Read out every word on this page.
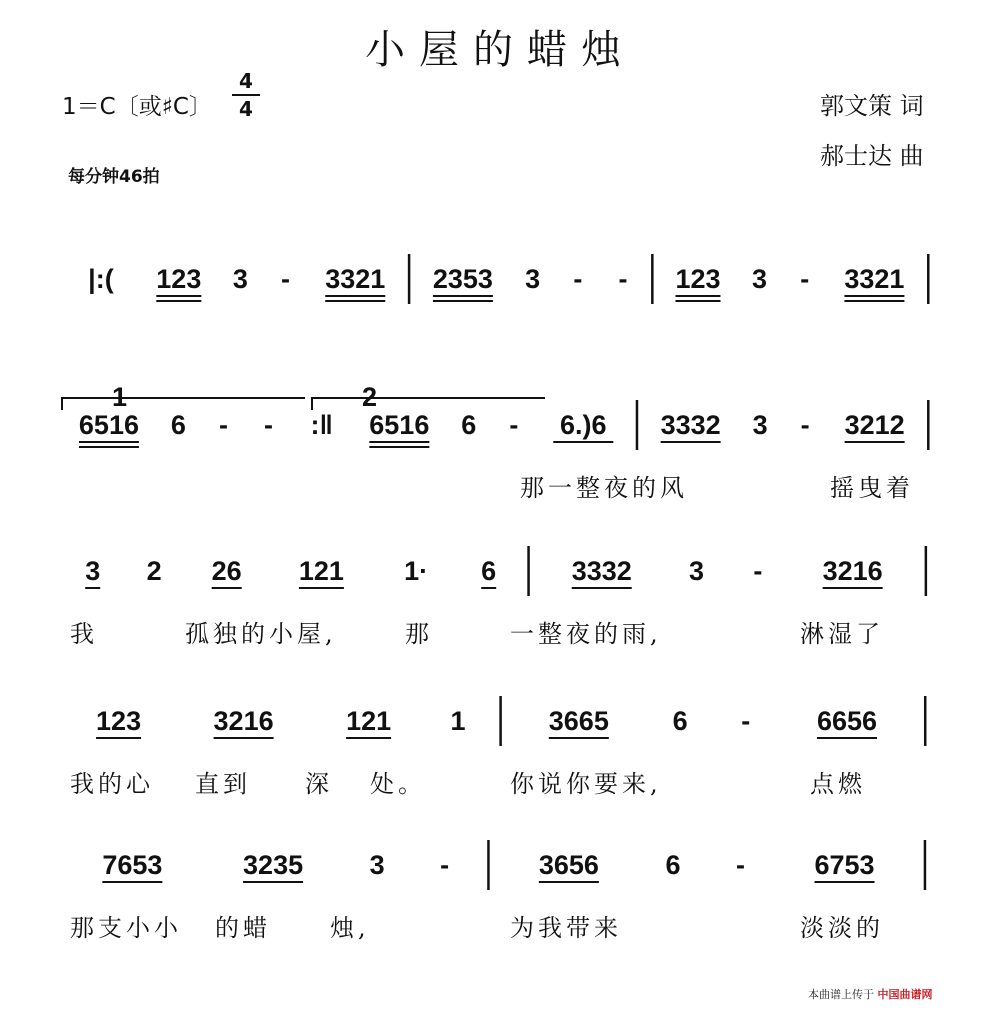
小屋的蜡烛
1＝C〔或♯C〕 $\frac{4}{4}$
每分钟46拍
郭文策 词
郝士达 曲
|:( 123 3 - 3321 2353 3 - - 123 3 - 3321
6516 6 - - :‖ 6516 6 - 6.)6 3332 3 - 3212
1	2
那一整夜的风	摇曳着
3 2 26 121 1· 6	3332 3 - 3216
我	孤独的小屋,	那	一整夜的雨,	淋湿了
123	3216	121 1	3665 6 - 6656
我的心 直到 深 处。	你说你要来,	点燃
7653	3235 3 -	3656 6 -	6753
那支小小 的蜡 烛,	为我带来	淡淡的
本曲谱上传于 中国曲谱网
